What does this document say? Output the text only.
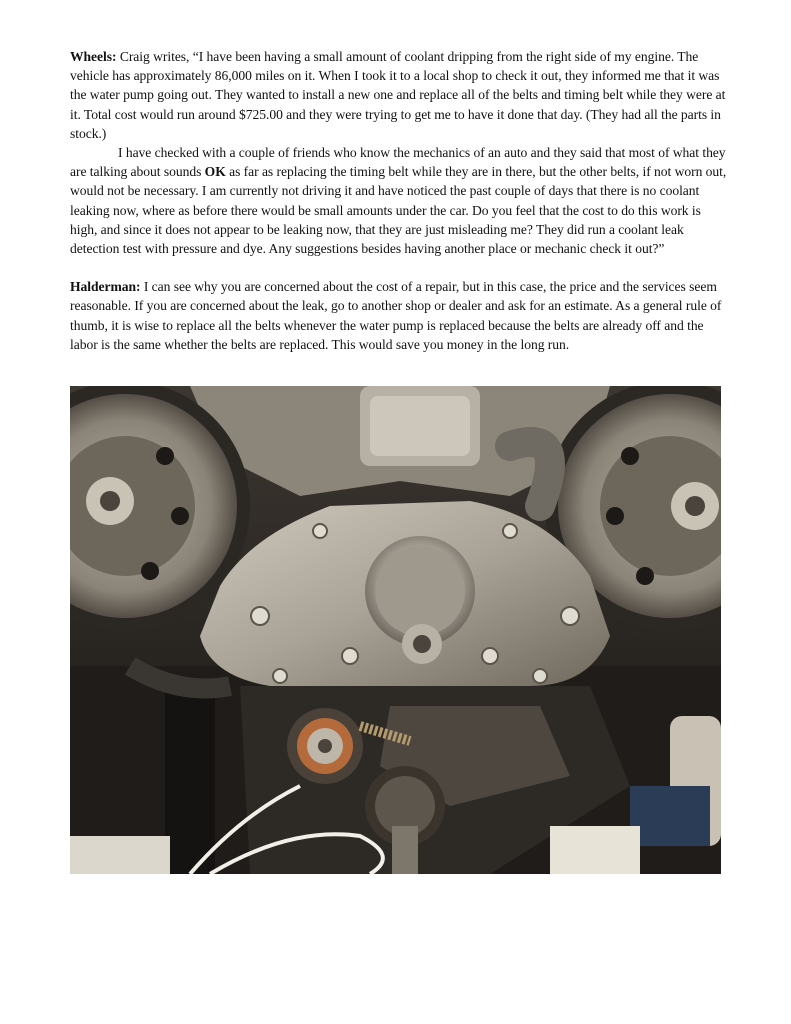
Wheels: Craig writes, “I have been having a small amount of coolant dripping from the right side of my engine. The vehicle has approximately 86,000 miles on it. When I took it to a local shop to check it out, they informed me that it was the water pump going out. They wanted to install a new one and replace all of the belts and timing belt while they were at it. Total cost would run around $725.00 and they were trying to get me to have it done that day. (They had all the parts in stock.)

I have checked with a couple of friends who know the mechanics of an auto and they said that most of what they are talking about sounds OK as far as replacing the timing belt while they are in there, but the other belts, if not worn out, would not be necessary. I am currently not driving it and have noticed the past couple of days that there is no coolant leaking now, where as before there would be small amounts under the car. Do you feel that the cost to do this work is high, and since it does not appear to be leaking now, that they are just misleading me? They did run a coolant leak detection test with pressure and dye. Any suggestions besides having another place or mechanic check it out?”

Halderman: I can see why you are concerned about the cost of a repair, but in this case, the price and the services seem reasonable. If you are concerned about the leak, go to another shop or dealer and ask for an estimate. As a general rule of thumb, it is wise to replace all the belts whenever the water pump is replaced because the belts are already off and the labor is the same whether the belts are replaced. This would save you money in the long run.
